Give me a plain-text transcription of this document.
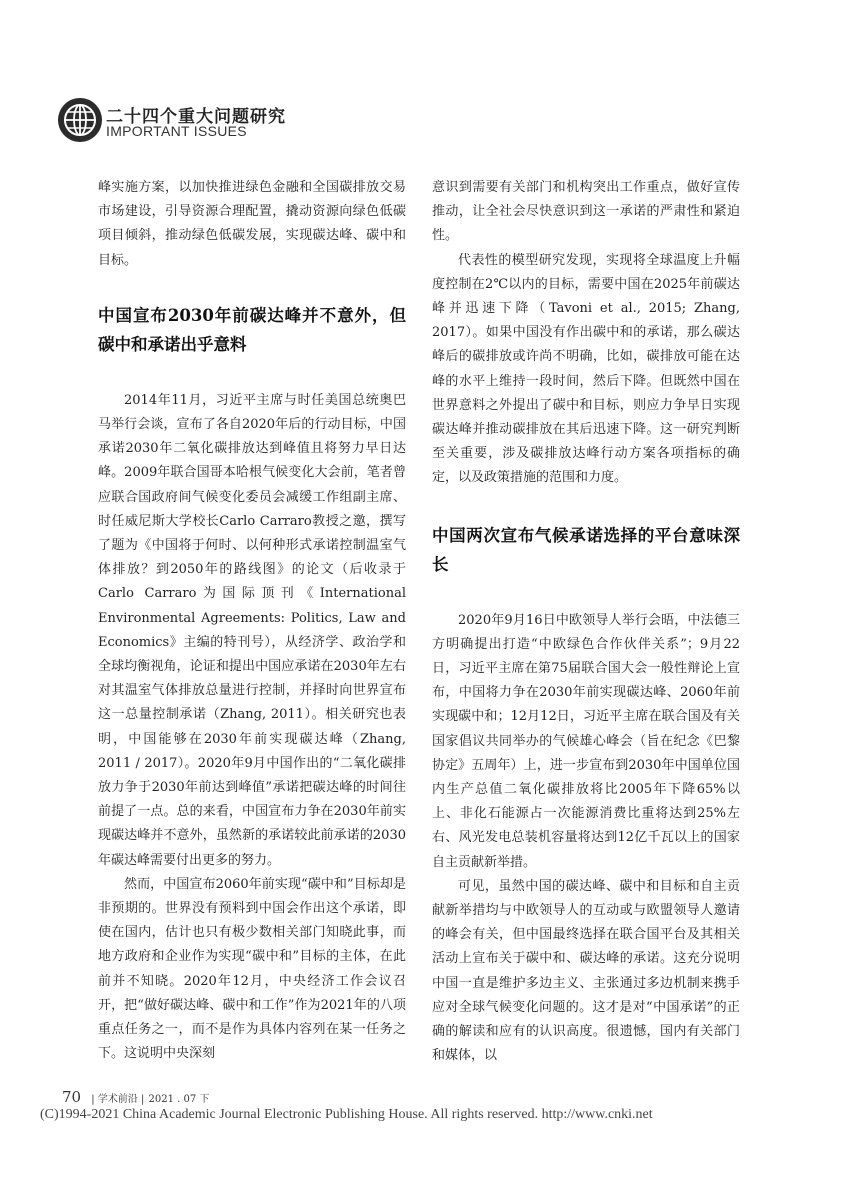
二十四个重大问题研究
IMPORTANT ISSUES

峰实施方案，以加快推进绿色金融和全国碳排放交易市场建设，引导资源合理配置，撬动资源向绿色低碳项目倾斜，推动绿色低碳发展，实现碳达峰、碳中和目标。

中国宣布2030年前碳达峰并不意外，但碳中和承诺出乎意料

2014年11月，习近平主席与时任美国总统奥巴马举行会谈，宣布了各自2020年后的行动目标，中国承诺2030年二氧化碳排放达到峰值且将努力早日达峰。2009年联合国哥本哈根气候变化大会前，笔者曾应联合国政府间气候变化委员会减缓工作组副主席、时任威尼斯大学校长Carlo Carraro教授之邀，撰写了题为《中国将于何时、以何种形式承诺控制温室气体排放？到2050年的路线图》的论文（后收录于Carlo Carraro为国际顶刊《International Environmental Agreements: Politics, Law and Economics》主编的特刊号），从经济学、政治学和全球均衡视角，论证和提出中国应承诺在2030年左右对其温室气体排放总量进行控制，并择时向世界宣布这一总量控制承诺（Zhang, 2011）。相关研究也表明，中国能够在2030年前实现碳达峰（Zhang, 2011 / 2017）。2020年9月中国作出的“二氧化碳排放力争于2030年前达到峰值”承诺把碳达峰的时间往前提了一点。总的来看，中国宣布力争在2030年前实现碳达峰并不意外，虽然新的承诺较此前承诺的2030年碳达峰需要付出更多的努力。

然而，中国宣布2060年前实现“碳中和”目标却是非预期的。世界没有预料到中国会作出这个承诺，即使在国内，估计也只有极少数相关部门知晓此事，而地方政府和企业作为实现“碳中和”目标的主体，在此前并不知晓。2020年12月，中央经济工作会议召开，把“做好碳达峰、碳中和工作”作为2021年的八项重点任务之一，而不是作为具体内容列在某一任务之下。这说明中央深刻

意识到需要有关部门和机构突出工作重点，做好宣传推动，让全社会尽快意识到这一承诺的严肃性和紧迫性。

代表性的模型研究发现，实现将全球温度上升幅度控制在2℃以内的目标，需要中国在2025年前碳达峰并迅速下降（Tavoni et al., 2015; Zhang, 2017）。如果中国没有作出碳中和的承诺，那么碳达峰后的碳排放或许尚不明确，比如，碳排放可能在达峰的水平上维持一段时间，然后下降。但既然中国在世界意料之外提出了碳中和目标，则应力争早日实现碳达峰并推动碳排放在其后迅速下降。这一研究判断至关重要，涉及碳排放达峰行动方案各项指标的确定，以及政策措施的范围和力度。

中国两次宣布气候承诺选择的平台意味深长

2020年9月16日中欧领导人举行会晤，中法德三方明确提出打造“中欧绿色合作伙伴关系”；9月22日，习近平主席在第75届联合国大会一般性辩论上宣布，中国将力争在2030年前实现碳达峰、2060年前实现碳中和；12月12日，习近平主席在联合国及有关国家倡议共同举办的气候雄心峰会（旨在纪念《巴黎协定》五周年）上，进一步宣布到2030年中国单位国内生产总值二氧化碳排放将比2005年下降65%以上、非化石能源占一次能源消费比重将达到25%左右、风光发电总装机容量将达到12亿千瓦以上的国家自主贡献新举措。

可见，虽然中国的碳达峰、碳中和目标和自主贡献新举措均与中欧领导人的互动或与欧盟领导人邀请的峰会有关，但中国最终选择在联合国平台及其相关活动上宣布关于碳中和、碳达峰的承诺。这充分说明中国一直是维护多边主义、主张通过多边机制来携手应对全球气候变化问题的。这才是对“中国承诺”的正确的解读和应有的认识高度。很遗憾，国内有关部门和媒体，以

70 | 学术前沿 | 2021 . 07 下
(C)1994-2021 China Academic Journal Electronic Publishing House. All rights reserved. http://www.cnki.net
